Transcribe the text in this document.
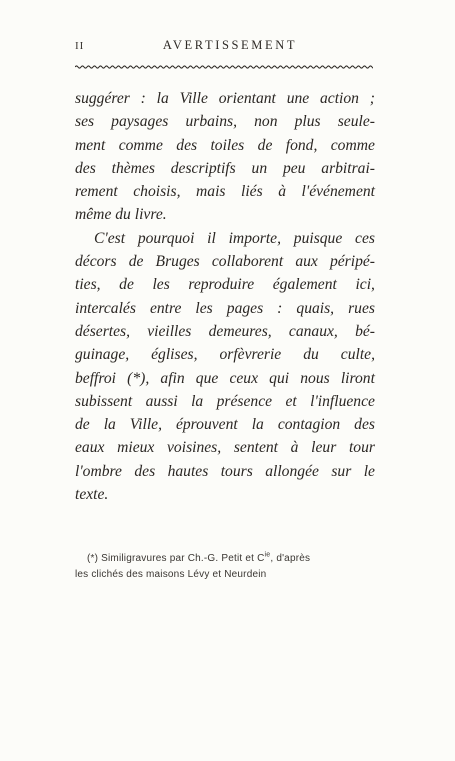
II	AVERTISSEMENT
suggérer : la Ville orientant une action ;
ses paysages urbains, non plus seule-
ment comme des toiles de fond, comme
des thèmes descriptifs un peu arbitrai-
rement choisis, mais liés à l'événement
même du livre.
C'est pourquoi il importe, puisque ces
décors de Bruges collaborent aux péripé-
ties, de les reproduire également ici,
intercalés entre les pages : quais, rues
désertes, vieilles demeures, canaux, bé-
guinage, églises, orfèvrerie du culte,
beffroi (*), afin que ceux qui nous liront
subissent aussi la présence et l'influence
de la Ville, éprouvent la contagion des
eaux mieux voisines, sentent à leur tour
l'ombre des hautes tours allongée sur le
texte.
(*) Similigravures par Ch.-G. Petit et $C^{ie}$, d'après
les clichés des maisons Lévy et Neurdein
